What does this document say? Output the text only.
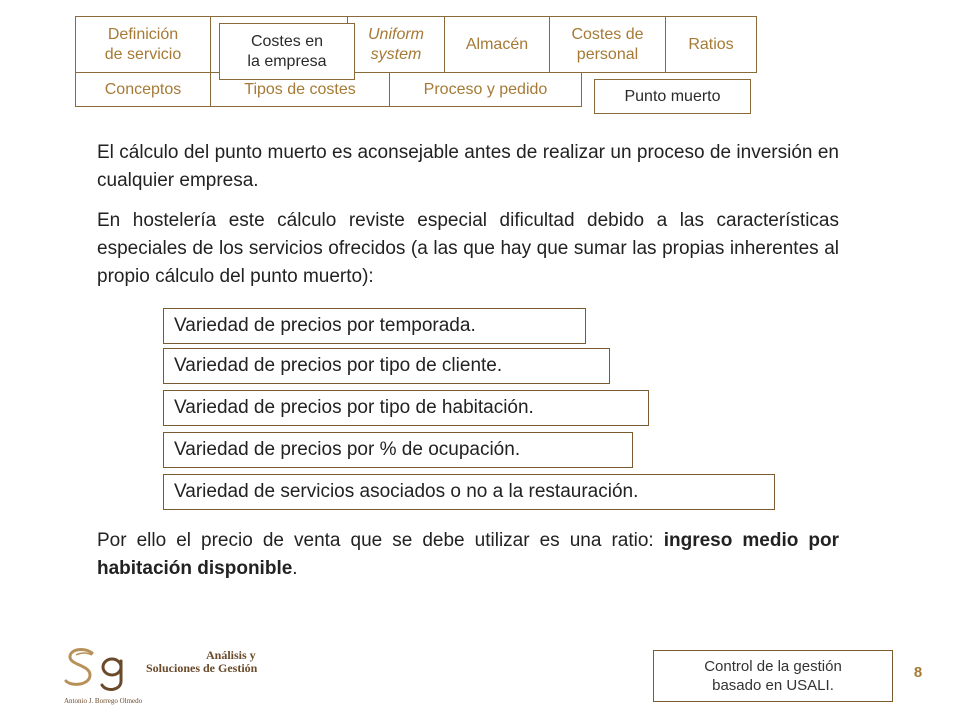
Definición
de servicio
Uniform
system
Almacén
Costes de
personal
Ratios
Conceptos	Tipos de costes	Proceso y pedido
Costes en
la empresa
Punto muerto
El cálculo del punto muerto es aconsejable antes de realizar un proceso de inversión en cualquier empresa.
En hostelería este cálculo reviste especial dificultad debido a las características especiales de los servicios ofrecidos (a las que hay que sumar las propias inherentes al propio cálculo del punto muerto):
Variedad de precios por temporada.
Variedad de precios por tipo de cliente.
Variedad de precios por tipo de habitación.
Variedad de precios por % de ocupación.
Variedad de servicios asociados o no a la restauración.
Por ello el precio de venta que se debe utilizar es una ratio: ingreso medio por habitación disponible.
Análisis y
Soluciones de Gestión
Antonio J. Borrego Olmedo
Control de la gestión
basado en USALI.
8
